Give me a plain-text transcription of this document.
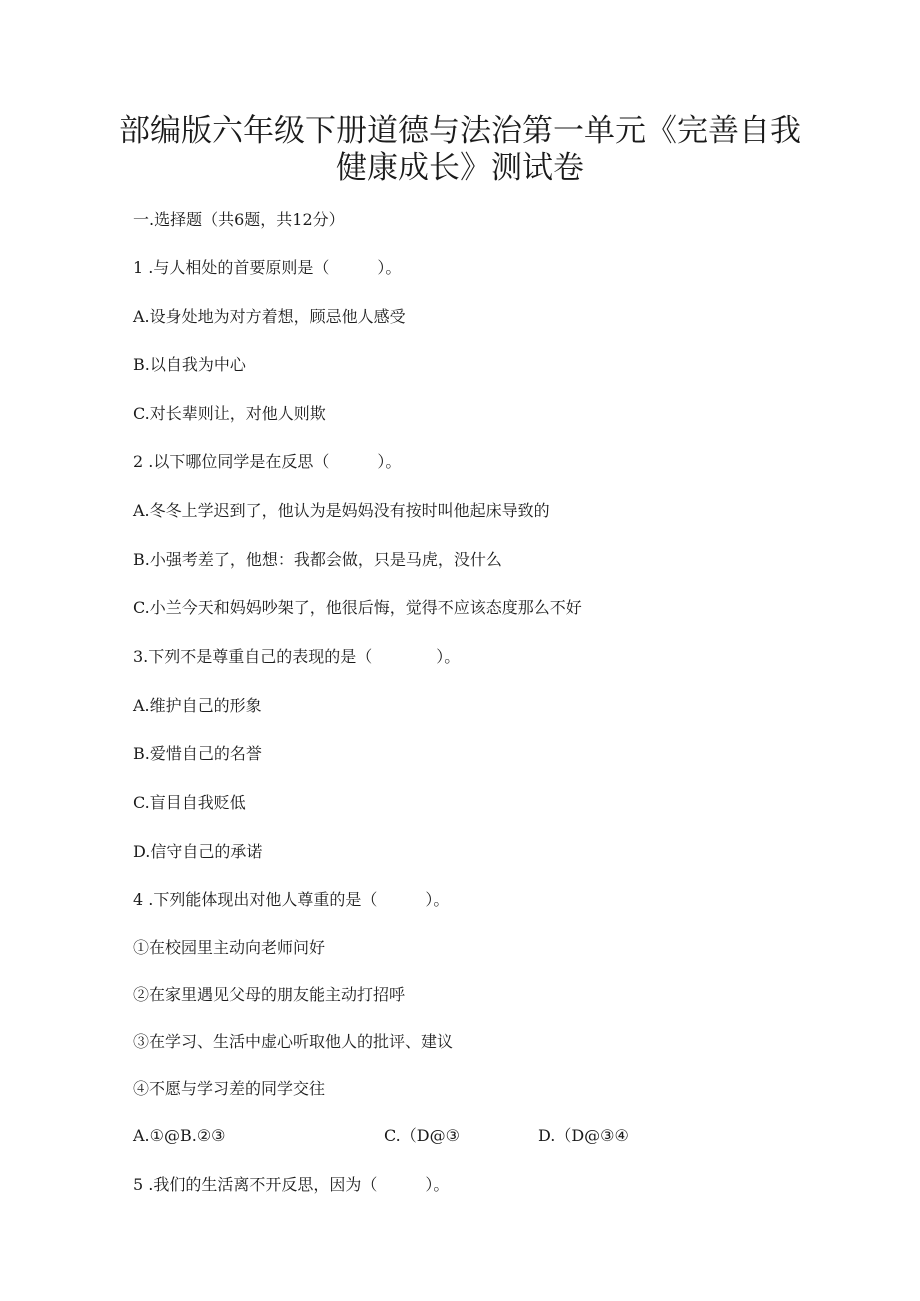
部编版六年级下册道德与法治第一单元《完善自我
健康成长》测试卷
一.选择题（共6题，共12分）
1 .与人相处的首要原则是（　　　）。
A.设身处地为对方着想，顾忌他人感受
B.以自我为中心
C.对长辈则让，对他人则欺
2 .以下哪位同学是在反思（　　　）。
A.冬冬上学迟到了，他认为是妈妈没有按时叫他起床导致的
B.小强考差了，他想：我都会做，只是马虎，没什么
C.小兰今天和妈妈吵架了，他很后悔，觉得不应该态度那么不好
3.下列不是尊重自己的表现的是（　　　　）。
A.维护自己的形象
B.爱惜自己的名誉
C.盲目自我贬低
D.信守自己的承诺
4 .下列能体现出对他人尊重的是（　　　）。
①在校园里主动向老师问好
②在家里遇见父母的朋友能主动打招呼
③在学习、生活中虚心听取他人的批评、建议
④不愿与学习差的同学交往
A.①@B.②③	C.（D@③	D.（D@③④
5 .我们的生活离不开反思，因为（　　　）。
